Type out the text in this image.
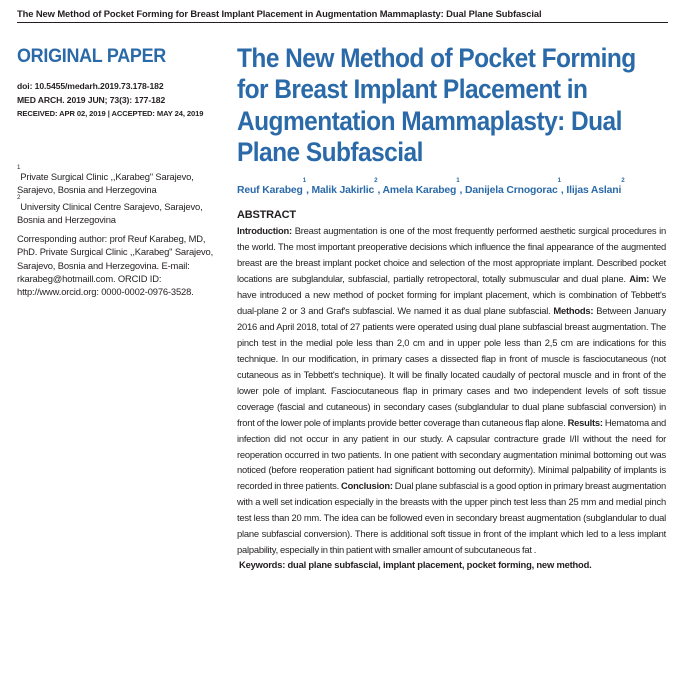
The New Method of Pocket Forming for Breast Implant Placement in Augmentation Mammaplasty: Dual Plane Subfascial
ORIGINAL PAPER
doi: 10.5455/medarh.2019.73.178-182
MED ARCH. 2019 JUN; 73(3): 177-182
RECEIVED: APR 02, 2019 | ACCEPTED: MAY 24, 2019

$^1$Private Surgical Clinic ,,Karabeg" Sarajevo, Sarajevo, Bosnia and Herzegovina

$^2$University Clinical Centre Sarajevo, Sarajevo, Bosnia and Herzegovina

Corresponding author: prof Reuf Karabeg, MD, PhD. Private Surgical Clinic ,,Karabeg" Sarajevo, Sarajevo, Bosnia and Herzegovina. E-mail: rkarabeg@hotmaill.com. ORCID ID: http://www.orcid.org: 0000-0002-0976-3528.

The New Method of Pocket Forming for Breast Implant Placement in Augmentation Mammaplasty: Dual Plane Subfascial
Reuf Karabeg$^1$, Malik Jakirlic$^2$, Amela Karabeg$^1$, Danijela Crnogorac$^1$, Ilijas Aslani$^2$
ABSTRACT
Introduction: Breast augmentation is one of the most frequently performed aesthetic surgical procedures in the world. The most important preoperative decisions which influence the final appearance of the augmented breast are the breast implant pocket choice and selection of the most appropriate implant. Described pocket locations are subglandular, subfascial, partially retropectoral, totally submuscular and dual plane. Aim: We have introduced a new method of pocket forming for implant placement, which is combination of Tebbett's dual-plane 2 or 3 and Graf's subfascial. We named it as dual plane subfascial. Methods: Between January 2016 and April 2018, total of 27 patients were operated using dual plane subfascial breast augmentation. The pinch test in the medial pole less than 2,0 cm and in upper pole less than 2,5 cm are indications for this technique. In our modification, in primary cases a dissected flap in front of muscle is fasciocutaneous (not cutaneous as in Tebbett's technique). It will be finally located caudally of pectoral muscle and in front of the lower pole of implant. Fasciocutaneous flap in primary cases and two independent levels of soft tissue coverage (fascial and cutaneous) in secondary cases (subglandular to dual plane subfascial conversion) in front of the lower pole of implants provide better coverage than cutaneous flap alone. Results: Hematoma and infection did not occur in any patient in our study. A capsular contracture grade I/II without the need for reoperation occurred in two patients. In one patient with secondary augmentation minimal bottoming out was noticed (before reoperation patient had significant bottoming out deformity). Minimal palpability of implants is recorded in three patients. Conclusion: Dual plane subfascial is a good option in primary breast augmentation with a well set indication especially in the breasts with the upper pinch test less than 25 mm and medial pinch test less than 20 mm. The idea can be followed even in secondary breast augmentation (subglandular to dual plane subfascial conversion). There is additional soft tissue in front of the implant which led to a less implant palpability, especially in thin patient with smaller amount of subcutaneous fat .
Keywords: dual plane subfascial, implant placement, pocket forming, new method.
